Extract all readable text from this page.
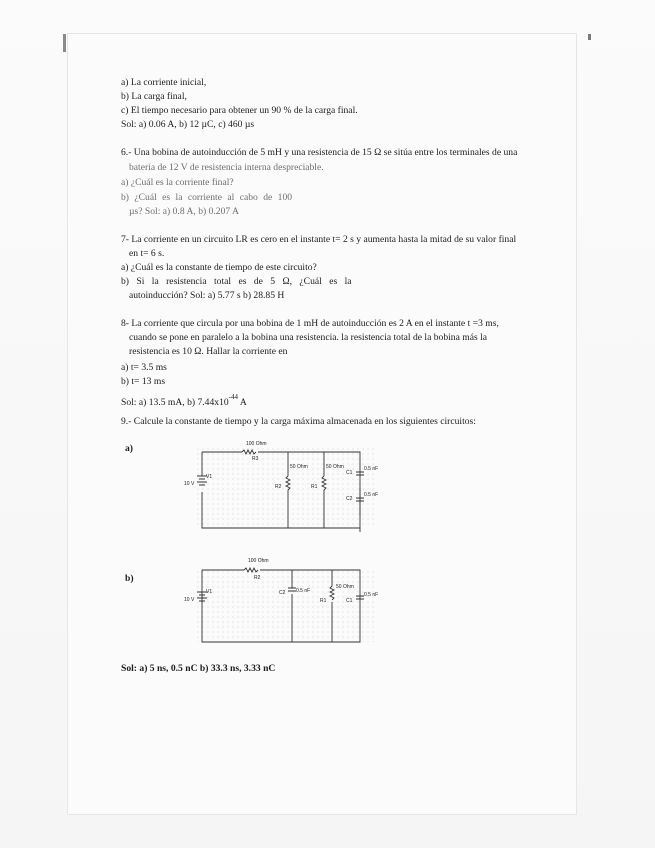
a) La corriente inicial,
b) La carga final,
c) El tiempo necesario para obtener un 90 % de la carga final.
Sol: a) 0.06 A, b) 12 µC, c) 460 µs
6.- Una bobina de autoinducción de 5 mH y una resistencia de 15 Ω se sitúa entre los terminales de una
batería de 12 V de resistencia interna despreciable.
a) ¿Cuál es la corriente final?
b) ¿Cuál es la corriente al cabo de 100
µs? Sol: a) 0.8 A, b) 0.207 A
7- La corriente en un circuito LR es cero en el instante t= 2 s y aumenta hasta la mitad de su valor final
en t= 6 s.
a) ¿Cuál es la constante de tiempo de este circuito?
b) Si la resistencia total es de 5 Ω, ¿Cuál es la
autoinducción? Sol: a) 5.77 s b) 28.85 H
8- La corriente que circula por una bobina de 1 mH de autoinducción es 2 A en el instante t =3 ms,
cuando se pone en paralelo a la bobina una resistencia. la resistencia total de la bobina más la
resistencia es 10 Ω. Hallar la corriente en
a) t= 3.5 ms
b) t= 13 ms
Sol: a) 13.5 mA, b) $7.44x10^{-44}$ A
9.- Calcule la constante de tiempo y la carga máxima almacenada en los siguientes circuitos:
a)
b)
Sol: a) 5 ns, 0.5 nC b) 33.3 ns, 3.33 nC
100 Ohm
R3
50 Ohm
R2
50 Ohm
R1
C1
0.5 nF
C2
0.5 nF
V1
10 V
100 Ohm
R2
C2 0.5 nF
50 Ohm
R1	C1
0.5 nF
V1
10 V
